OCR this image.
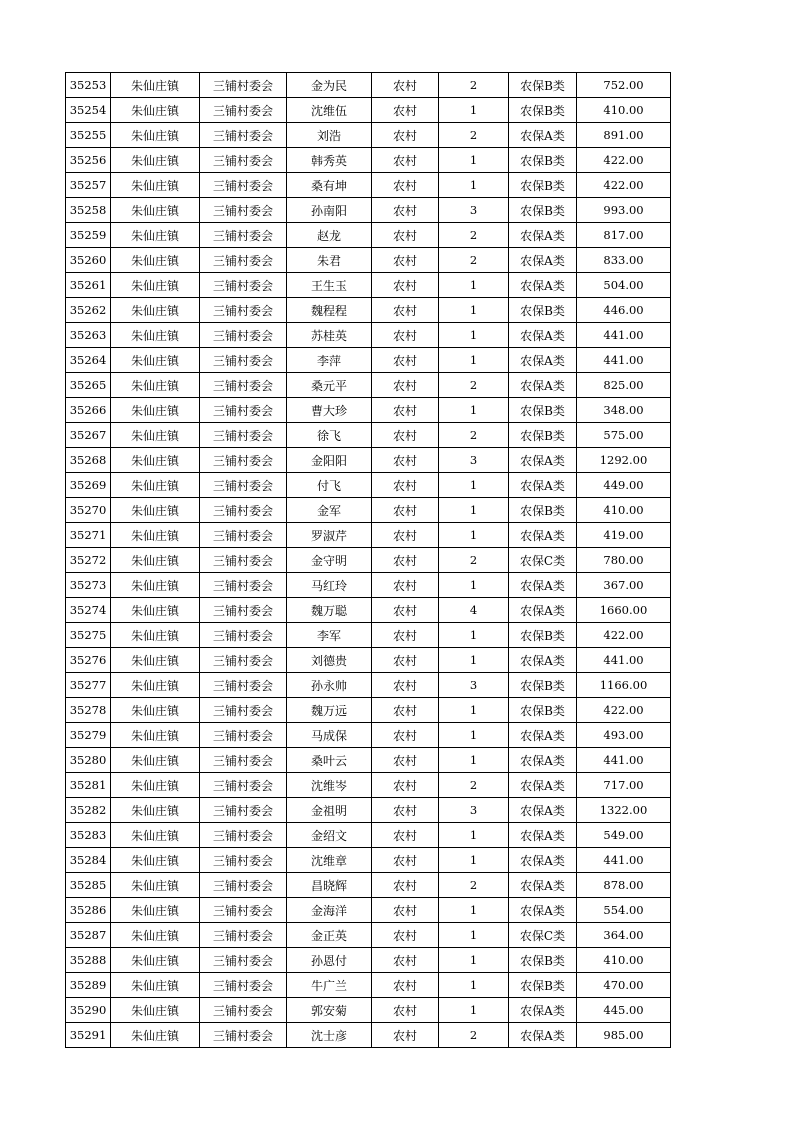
35253	朱仙庄镇	三铺村委会	金为民	农村	2	农保B类	752.00
35254	朱仙庄镇	三铺村委会	沈维伍	农村	1	农保B类	410.00
35255	朱仙庄镇	三铺村委会	刘浩	农村	2	农保A类	891.00
35256	朱仙庄镇	三铺村委会	韩秀英	农村	1	农保B类	422.00
35257	朱仙庄镇	三铺村委会	桑有坤	农村	1	农保B类	422.00
35258	朱仙庄镇	三铺村委会	孙南阳	农村	3	农保B类	993.00
35259	朱仙庄镇	三铺村委会	赵龙	农村	2	农保A类	817.00
35260	朱仙庄镇	三铺村委会	朱君	农村	2	农保A类	833.00
35261	朱仙庄镇	三铺村委会	王生玉	农村	1	农保A类	504.00
35262	朱仙庄镇	三铺村委会	魏程程	农村	1	农保B类	446.00
35263	朱仙庄镇	三铺村委会	苏桂英	农村	1	农保A类	441.00
35264	朱仙庄镇	三铺村委会	李萍	农村	1	农保A类	441.00
35265	朱仙庄镇	三铺村委会	桑元平	农村	2	农保A类	825.00
35266	朱仙庄镇	三铺村委会	曹大珍	农村	1	农保B类	348.00
35267	朱仙庄镇	三铺村委会	徐飞	农村	2	农保B类	575.00
35268	朱仙庄镇	三铺村委会	金阳阳	农村	3	农保A类	1292.00
35269	朱仙庄镇	三铺村委会	付飞	农村	1	农保A类	449.00
35270	朱仙庄镇	三铺村委会	金军	农村	1	农保B类	410.00
35271	朱仙庄镇	三铺村委会	罗淑芹	农村	1	农保A类	419.00
35272	朱仙庄镇	三铺村委会	金守明	农村	2	农保C类	780.00
35273	朱仙庄镇	三铺村委会	马红玲	农村	1	农保A类	367.00
35274	朱仙庄镇	三铺村委会	魏万聪	农村	4	农保A类	1660.00
35275	朱仙庄镇	三铺村委会	李军	农村	1	农保B类	422.00
35276	朱仙庄镇	三铺村委会	刘德贵	农村	1	农保A类	441.00
35277	朱仙庄镇	三铺村委会	孙永帅	农村	3	农保B类	1166.00
35278	朱仙庄镇	三铺村委会	魏万远	农村	1	农保B类	422.00
35279	朱仙庄镇	三铺村委会	马成保	农村	1	农保A类	493.00
35280	朱仙庄镇	三铺村委会	桑叶云	农村	1	农保A类	441.00
35281	朱仙庄镇	三铺村委会	沈维岑	农村	2	农保A类	717.00
35282	朱仙庄镇	三铺村委会	金祖明	农村	3	农保A类	1322.00
35283	朱仙庄镇	三铺村委会	金绍文	农村	1	农保A类	549.00
35284	朱仙庄镇	三铺村委会	沈维章	农村	1	农保A类	441.00
35285	朱仙庄镇	三铺村委会	昌晓辉	农村	2	农保A类	878.00
35286	朱仙庄镇	三铺村委会	金海洋	农村	1	农保A类	554.00
35287	朱仙庄镇	三铺村委会	金正英	农村	1	农保C类	364.00
35288	朱仙庄镇	三铺村委会	孙恩付	农村	1	农保B类	410.00
35289	朱仙庄镇	三铺村委会	牛广兰	农村	1	农保B类	470.00
35290	朱仙庄镇	三铺村委会	郭安菊	农村	1	农保A类	445.00
35291	朱仙庄镇	三铺村委会	沈士彦	农村	2	农保A类	985.00
